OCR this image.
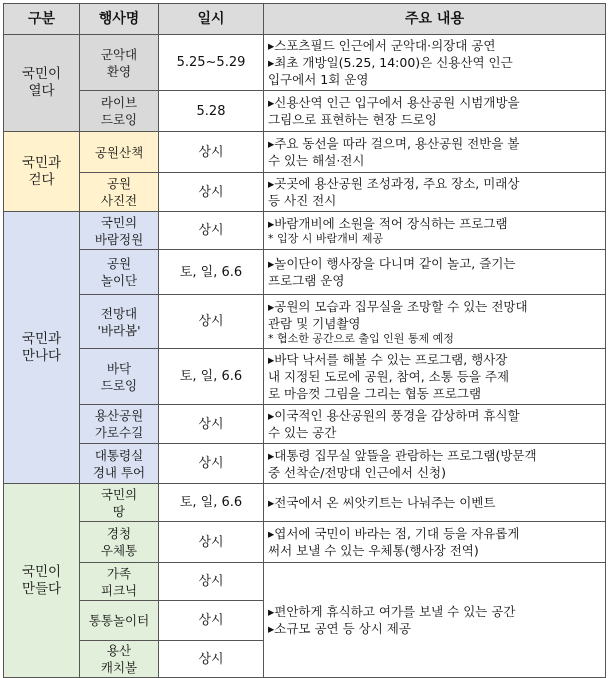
구분	행사명	일시	주요 내용

국민이
열다	군악대
환영	5.25~5.29	▸스포츠필드 인근에서 군악대·의장대 공연
▸최초 개방일(5.25, 14:00)은 신용산역 인근
입구에서 1회 운영

	라이브
드로잉	5.28	▸신용산역 인근 입구에서 용산공원 시범개방을
그림으로 표현하는 현장 드로잉

국민과
걷다	공원산책	상시	▸주요 동선을 따라 걸으며, 용산공원 전반을 볼
수 있는 해설·전시

	공원
사진전	상시	▸곳곳에 용산공원 조성과정, 주요 장소, 미래상
등 사진 전시

국민과
만나다	국민의
바람정원	상시	▸바람개비에 소원을 적어 장식하는 프로그램
* 입장 시 바람개비 제공

	공원
놀이단	토, 일, 6.6	▸놀이단이 행사장을 다니며 같이 놀고, 즐기는
프로그램 운영

	전망대
'바라봄'	상시	▸공원의 모습과 집무실을 조망할 수 있는 전망대
관람 및 기념촬영
* 협소한 공간으로 출입 인원 통제 예정

	바닥
드로잉	토, 일, 6.6	▸바닥 낙서를 해볼 수 있는 프로그램, 행사장
내 지정된 도로에 공원, 참여, 소통 등을 주제
로 마음껏 그림을 그리는 협동 프로그램

	용산공원
가로수길	상시	▸이국적인 용산공원의 풍경을 감상하며 휴식할
수 있는 공간

	대통령실
경내 투어	상시	▸대통령 집무실 앞뜰을 관람하는 프로그램(방문객
중 선착순/전망대 인근에서 신청)

국민이
만들다	국민의
땅	토, 일, 6.6	▸전국에서 온 씨앗키트는 나눠주는 이벤트

	경청
우체통	상시	▸엽서에 국민이 바라는 점, 기대 등을 자유롭게
써서 보낼 수 있는 우체통(행사장 전역)

	가족
피크닉	상시	▸편안하게 휴식하고 여가를 보낼 수 있는 공간
▸소규모 공연 등 상시 제공

	통통놀이터	상시	

	용산
캐치볼	상시	
